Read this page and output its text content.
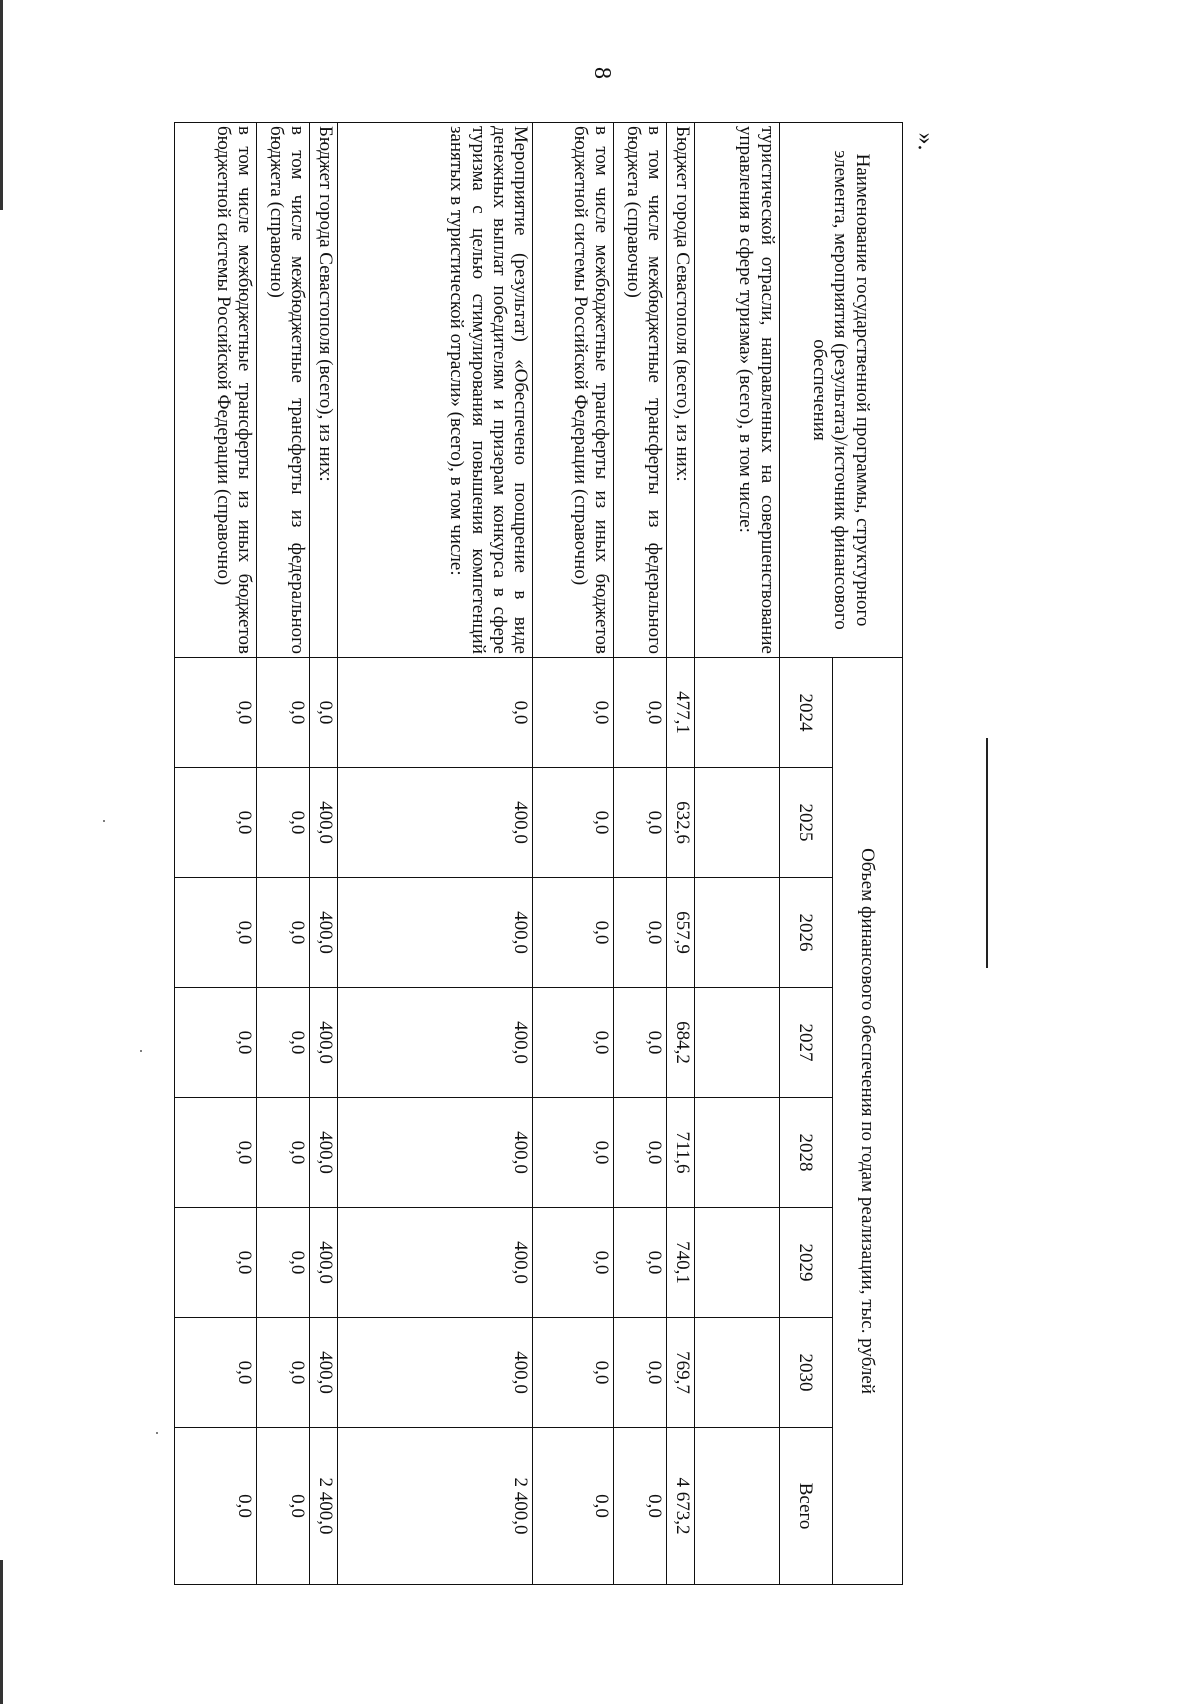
8
».
Наименование государственной программы, структурного элемента, мероприятия (результата)/источник финансового обеспечения	Объем финансового обеспечения по годам реализации, тыс. рублей							
	2024	2025	2026	2027	2028	2029	2030	Всего
туристической отрасли, направленных на совершенствование управления в сфере туризма» (всего), в том числе:								
Бюджет города Севастополя (всего), из них:	477,1	632,6	657,9	684,2	711,6	740,1	769,7	4 673,2
в том числе межбюджетные трансферты из федерального бюджета (справочно)	0,0	0,0	0,0	0,0	0,0	0,0	0,0	0,0
в том числе межбюджетные трансферты из иных бюджетов бюджетной системы Российской Федерации (справочно)	0,0	0,0	0,0	0,0	0,0	0,0	0,0	0,0
Мероприятие (результат) «Обеспечено поощрение в виде денежных выплат победителям и призерам конкурса в сфере туризма с целью стимулирования повышения компетенций занятых в туристической отрасли» (всего), в том числе:	0,0	400,0	400,0	400,0	400,0	400,0	400,0	2 400,0
Бюджет города Севастополя (всего), из них:	0,0	400,0	400,0	400,0	400,0	400,0	400,0	2 400,0
в том числе межбюджетные трансферты из федерального бюджета (справочно)	0,0	0,0	0,0	0,0	0,0	0,0	0,0	0,0
в том числе межбюджетные трансферты из иных бюджетов бюджетной системы Российской Федерации (справочно)	0,0	0,0	0,0	0,0	0,0	0,0	0,0	0,0
